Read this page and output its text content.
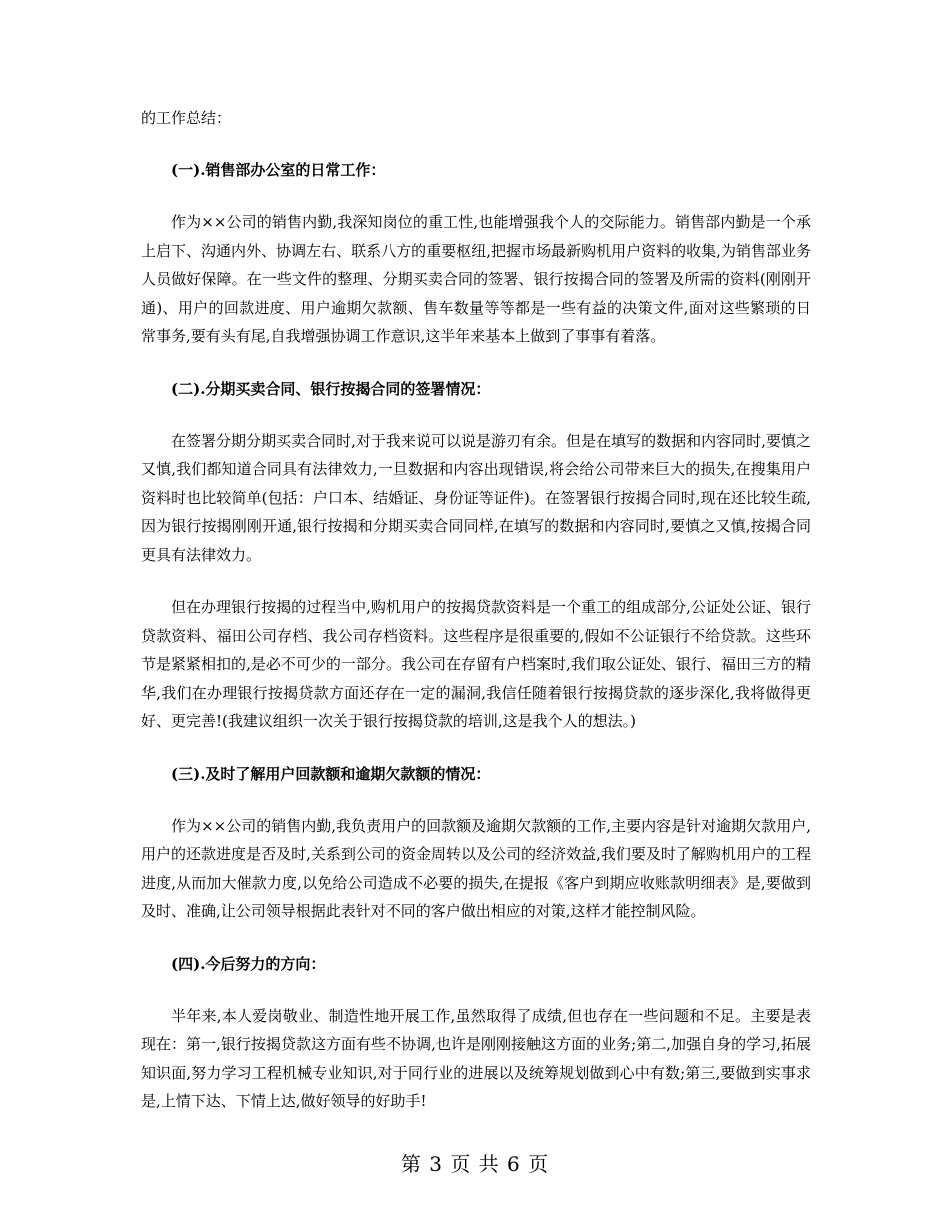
的工作总结：

(一).销售部办公室的日常工作：

作为××公司的销售内勤,我深知岗位的重工性,也能增强我个人的交际能力。销售部内勤是一个承上启下、沟通内外、协调左右、联系八方的重要枢纽,把握市场最新购机用户资料的收集,为销售部业务人员做好保障。在一些文件的整理、分期买卖合同的签署、银行按揭合同的签署及所需的资料(刚刚开通)、用户的回款进度、用户逾期欠款额、售车数量等等都是一些有益的决策文件,面对这些繁琐的日常事务,要有头有尾,自我增强协调工作意识,这半年来基本上做到了事事有着落。

(二).分期买卖合同、银行按揭合同的签署情况：

在签署分期分期买卖合同时,对于我来说可以说是游刃有余。但是在填写的数据和内容同时,要慎之又慎,我们都知道合同具有法律效力,一旦数据和内容出现错误,将会给公司带来巨大的损失,在搜集用户资料时也比较简单(包括：户口本、结婚证、身份证等证件)。在签署银行按揭合同时,现在还比较生疏,因为银行按揭刚刚开通,银行按揭和分期买卖合同同样,在填写的数据和内容同时,要慎之又慎,按揭合同更具有法律效力。

但在办理银行按揭的过程当中,购机用户的按揭贷款资料是一个重工的组成部分,公证处公证、银行贷款资料、福田公司存档、我公司存档资料。这些程序是很重要的,假如不公证银行不给贷款。这些环节是紧紧相扣的,是必不可少的一部分。我公司在存留有户档案时,我们取公证处、银行、福田三方的精华,我们在办理银行按揭贷款方面还存在一定的漏洞,我信任随着银行按揭贷款的逐步深化,我将做得更好、更完善!(我建议组织一次关于银行按揭贷款的培训,这是我个人的想法。)

(三).及时了解用户回款额和逾期欠款额的情况：

作为××公司的销售内勤,我负责用户的回款额及逾期欠款额的工作,主要内容是针对逾期欠款用户,用户的还款进度是否及时,关系到公司的资金周转以及公司的经济效益,我们要及时了解购机用户的工程进度,从而加大催款力度,以免给公司造成不必要的损失,在提报《客户到期应收账款明细表》是,要做到及时、准确,让公司领导根据此表针对不同的客户做出相应的对策,这样才能控制风险。

(四).今后努力的方向：

半年来,本人爱岗敬业、制造性地开展工作,虽然取得了成绩,但也存在一些问题和不足。主要是表现在：第一,银行按揭贷款这方面有些不协调,也许是刚刚接触这方面的业务;第二,加强自身的学习,拓展知识面,努力学习工程机械专业知识,对于同行业的进展以及统筹规划做到心中有数;第三,要做到实事求是,上情下达、下情上达,做好领导的好助手!

第 3 页 共 6 页
